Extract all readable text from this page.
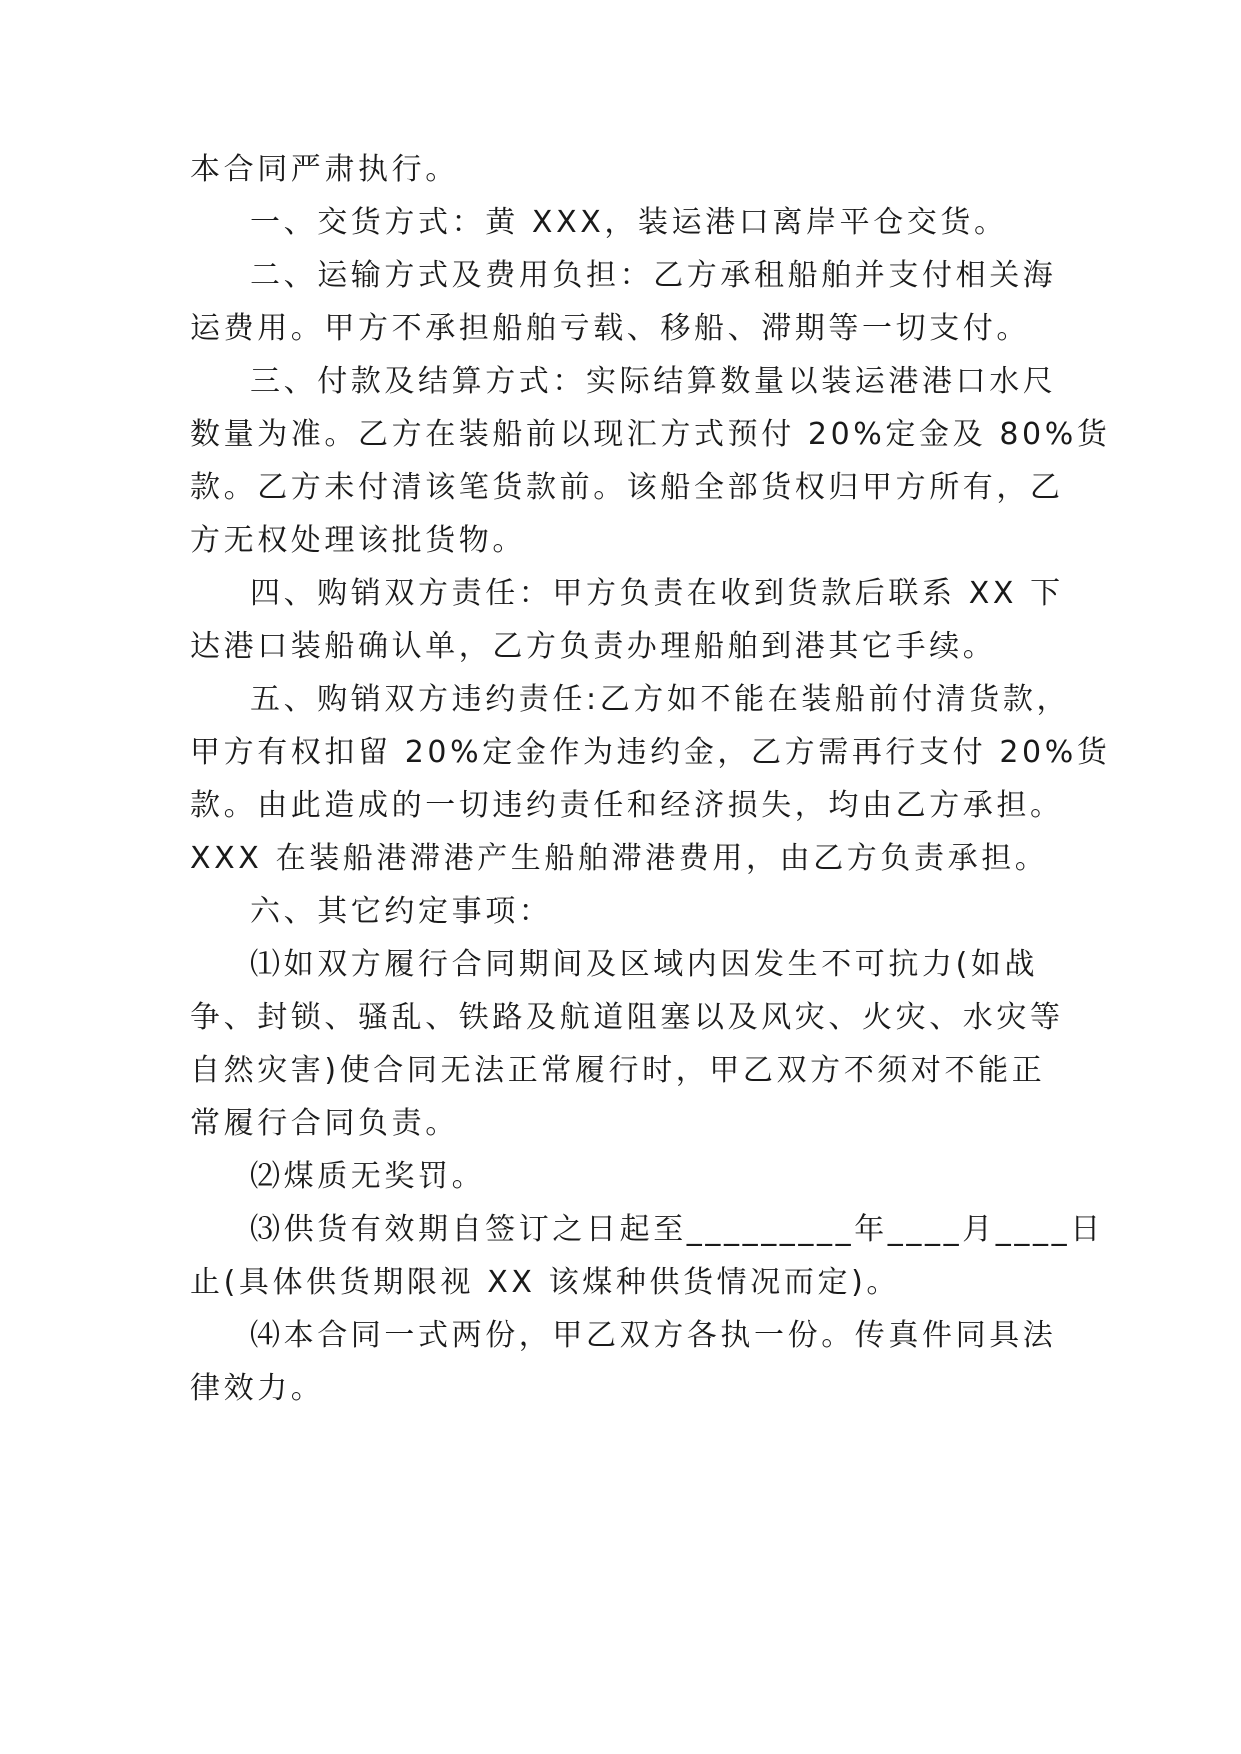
本合同严肃执行。

一、交货方式：黄 XXX，装运港口离岸平仓交货。

二、运输方式及费用负担：乙方承租船舶并支付相关海

运费用。甲方不承担船舶亏载、移船、滞期等一切支付。

三、付款及结算方式：实际结算数量以装运港港口水尺

数量为准。乙方在装船前以现汇方式预付 20%定金及 80%货

款。乙方未付清该笔货款前。该船全部货权归甲方所有，乙

方无权处理该批货物。

四、购销双方责任：甲方负责在收到货款后联系 XX 下

达港口装船确认单，乙方负责办理船舶到港其它手续。

五、购销双方违约责任:乙方如不能在装船前付清货款，

甲方有权扣留 20%定金作为违约金，乙方需再行支付 20%货

款。由此造成的一切违约责任和经济损失，均由乙方承担。

XXX 在装船港滞港产生船舶滞港费用，由乙方负责承担。

六、其它约定事项：

⑴如双方履行合同期间及区域内因发生不可抗力(如战

争、封锁、骚乱、铁路及航道阻塞以及风灾、火灾、水灾等

自然灾害)使合同无法正常履行时，甲乙双方不须对不能正

常履行合同负责。

⑵煤质无奖罚。

⑶供货有效期自签订之日起至_________年____月____日

止(具体供货期限视 XX 该煤种供货情况而定)。

⑷本合同一式两份，甲乙双方各执一份。传真件同具法

律效力。
